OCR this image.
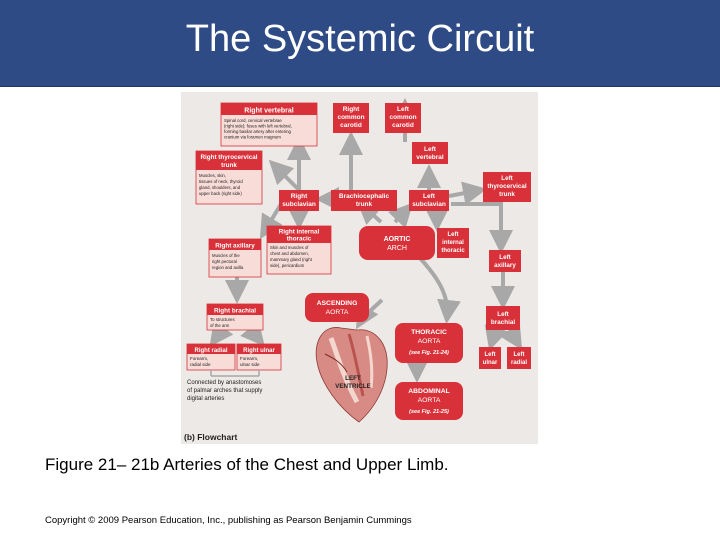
The Systemic Circuit
Right vertebral
Spinal cord, cervical vertebrae
(right side); fuses with left vertebral,
forming basilar artery after entering
cranium via foramen magnum
Right
common
carotid
Left
common
carotid
Left
vertebral
Right thyrocervical
trunk
Muscles, skin,
tissues of neck, thyroid
gland, shoulders, and
upper back (right side)
Left
thyrocervical
trunk
Right
subclavian
Brachiocephalic
trunk
Left
subclavian
Right internal
thoracic
Skin and muscles of
chest and abdomen,
mammary gland (right
side), pericardium
AORTIC
ARCH
Left
internal
thoracic
Right axillary
Muscles of the
right pectoral
region and axilla
Left
axillary
ASCENDING
AORTA
Right brachial
To structures
of the arm
Left
brachial
LEFT
VENTRICLE
THORACIC
AORTA
(see Fig. 21-24)	Left
ulnar
Left
radial
Right radial
Forearm,
radial side
Right ulnar
Forearm,
ulnar side
Connected by anastomoses
of palmar arches that supply
digital arteries
ABDOMINAL
AORTA
(see Fig. 21-25)
(b) Flowchart
Figure 21– 21b Arteries of the Chest and Upper Limb.
Copyright © 2009 Pearson Education, Inc., publishing as Pearson Benjamin Cummings
